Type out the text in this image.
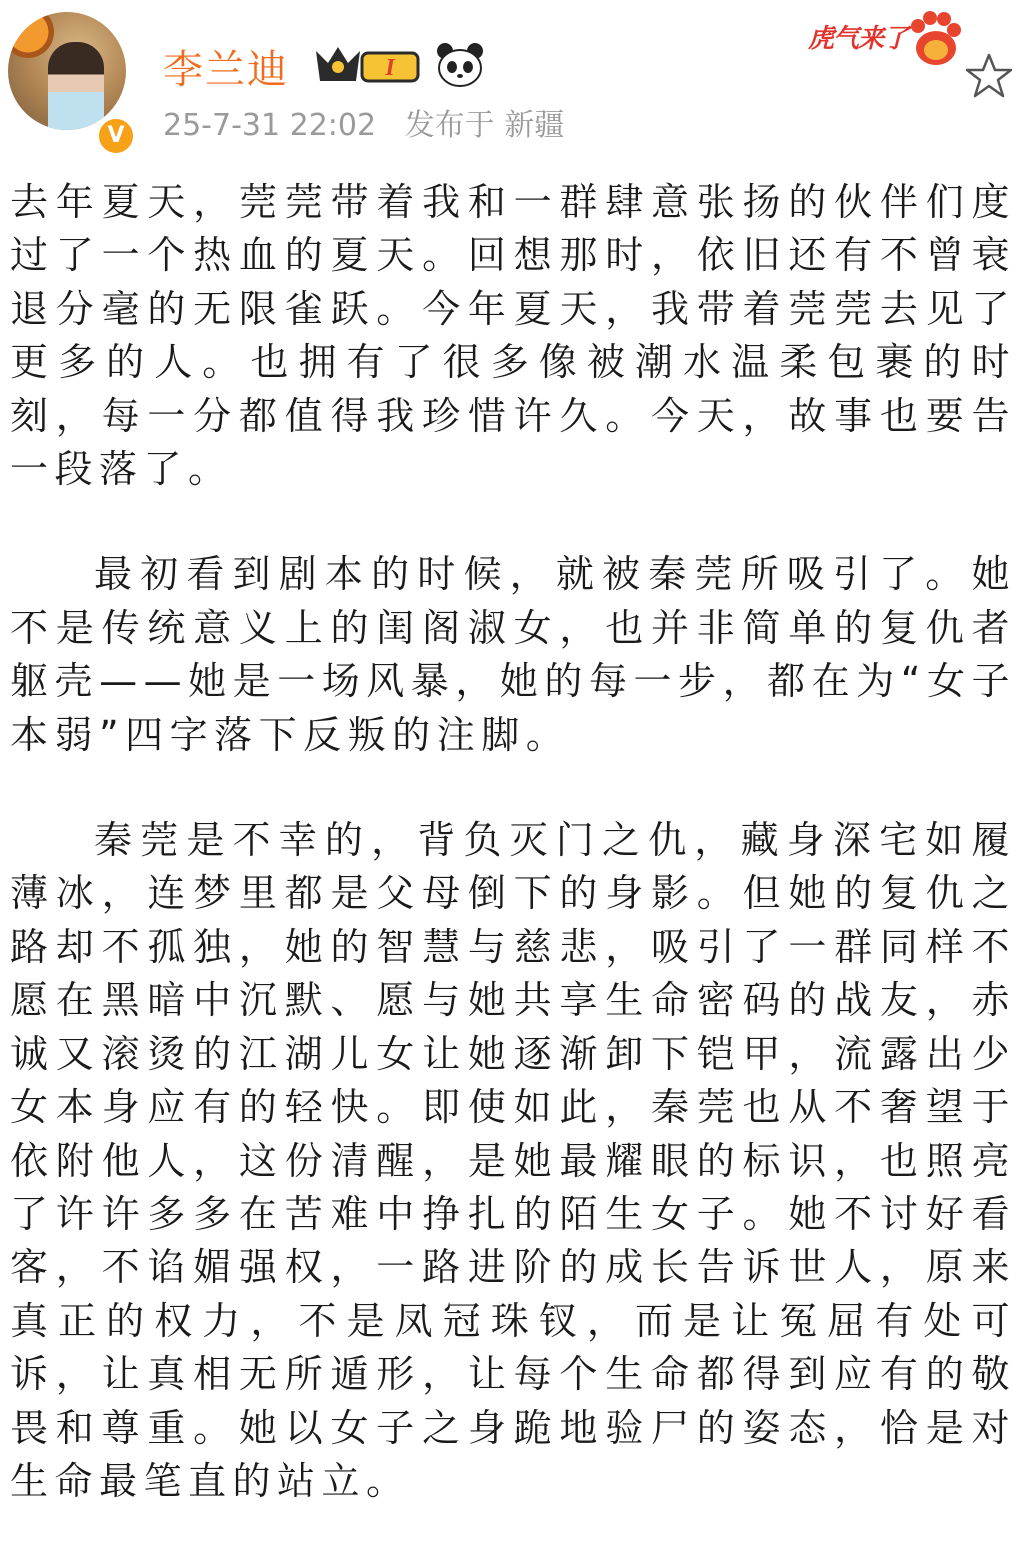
V
李兰迪	I
25-7-31 22:02 发布于 新疆
虎气来了

去年夏天，莞莞带着我和一群肆意张扬的伙伴们度过了一个热血的夏天。回想那时，依旧还有不曾衰退分毫的无限雀跃。今年夏天，我带着莞莞去见了更多的人。也拥有了很多像被潮水温柔包裹的时刻，每一分都值得我珍惜许久。今天，故事也要告一段落了。

最初看到剧本的时候，就被秦莞所吸引了。她不是传统意义上的闺阁淑女，也并非简单的复仇者躯壳——她是一场风暴，她的每一步，都在为“女子本弱”四字落下反叛的注脚。

秦莞是不幸的，背负灭门之仇，藏身深宅如履薄冰，连梦里都是父母倒下的身影。但她的复仇之路却不孤独，她的智慧与慈悲，吸引了一群同样不愿在黑暗中沉默、愿与她共享生命密码的战友，赤诚又滚烫的江湖儿女让她逐渐卸下铠甲，流露出少女本身应有的轻快。即使如此，秦莞也从不奢望于依附他人，这份清醒，是她最耀眼的标识，也照亮了许许多多在苦难中挣扎的陌生女子。她不讨好看客，不谄媚强权，一路进阶的成长告诉世人，原来真正的权力，不是凤冠珠钗，而是让冤屈有处可诉，让真相无所遁形，让每个生命都得到应有的敬畏和尊重。她以女子之身跪地验尸的姿态，恰是对生命最笔直的站立。
